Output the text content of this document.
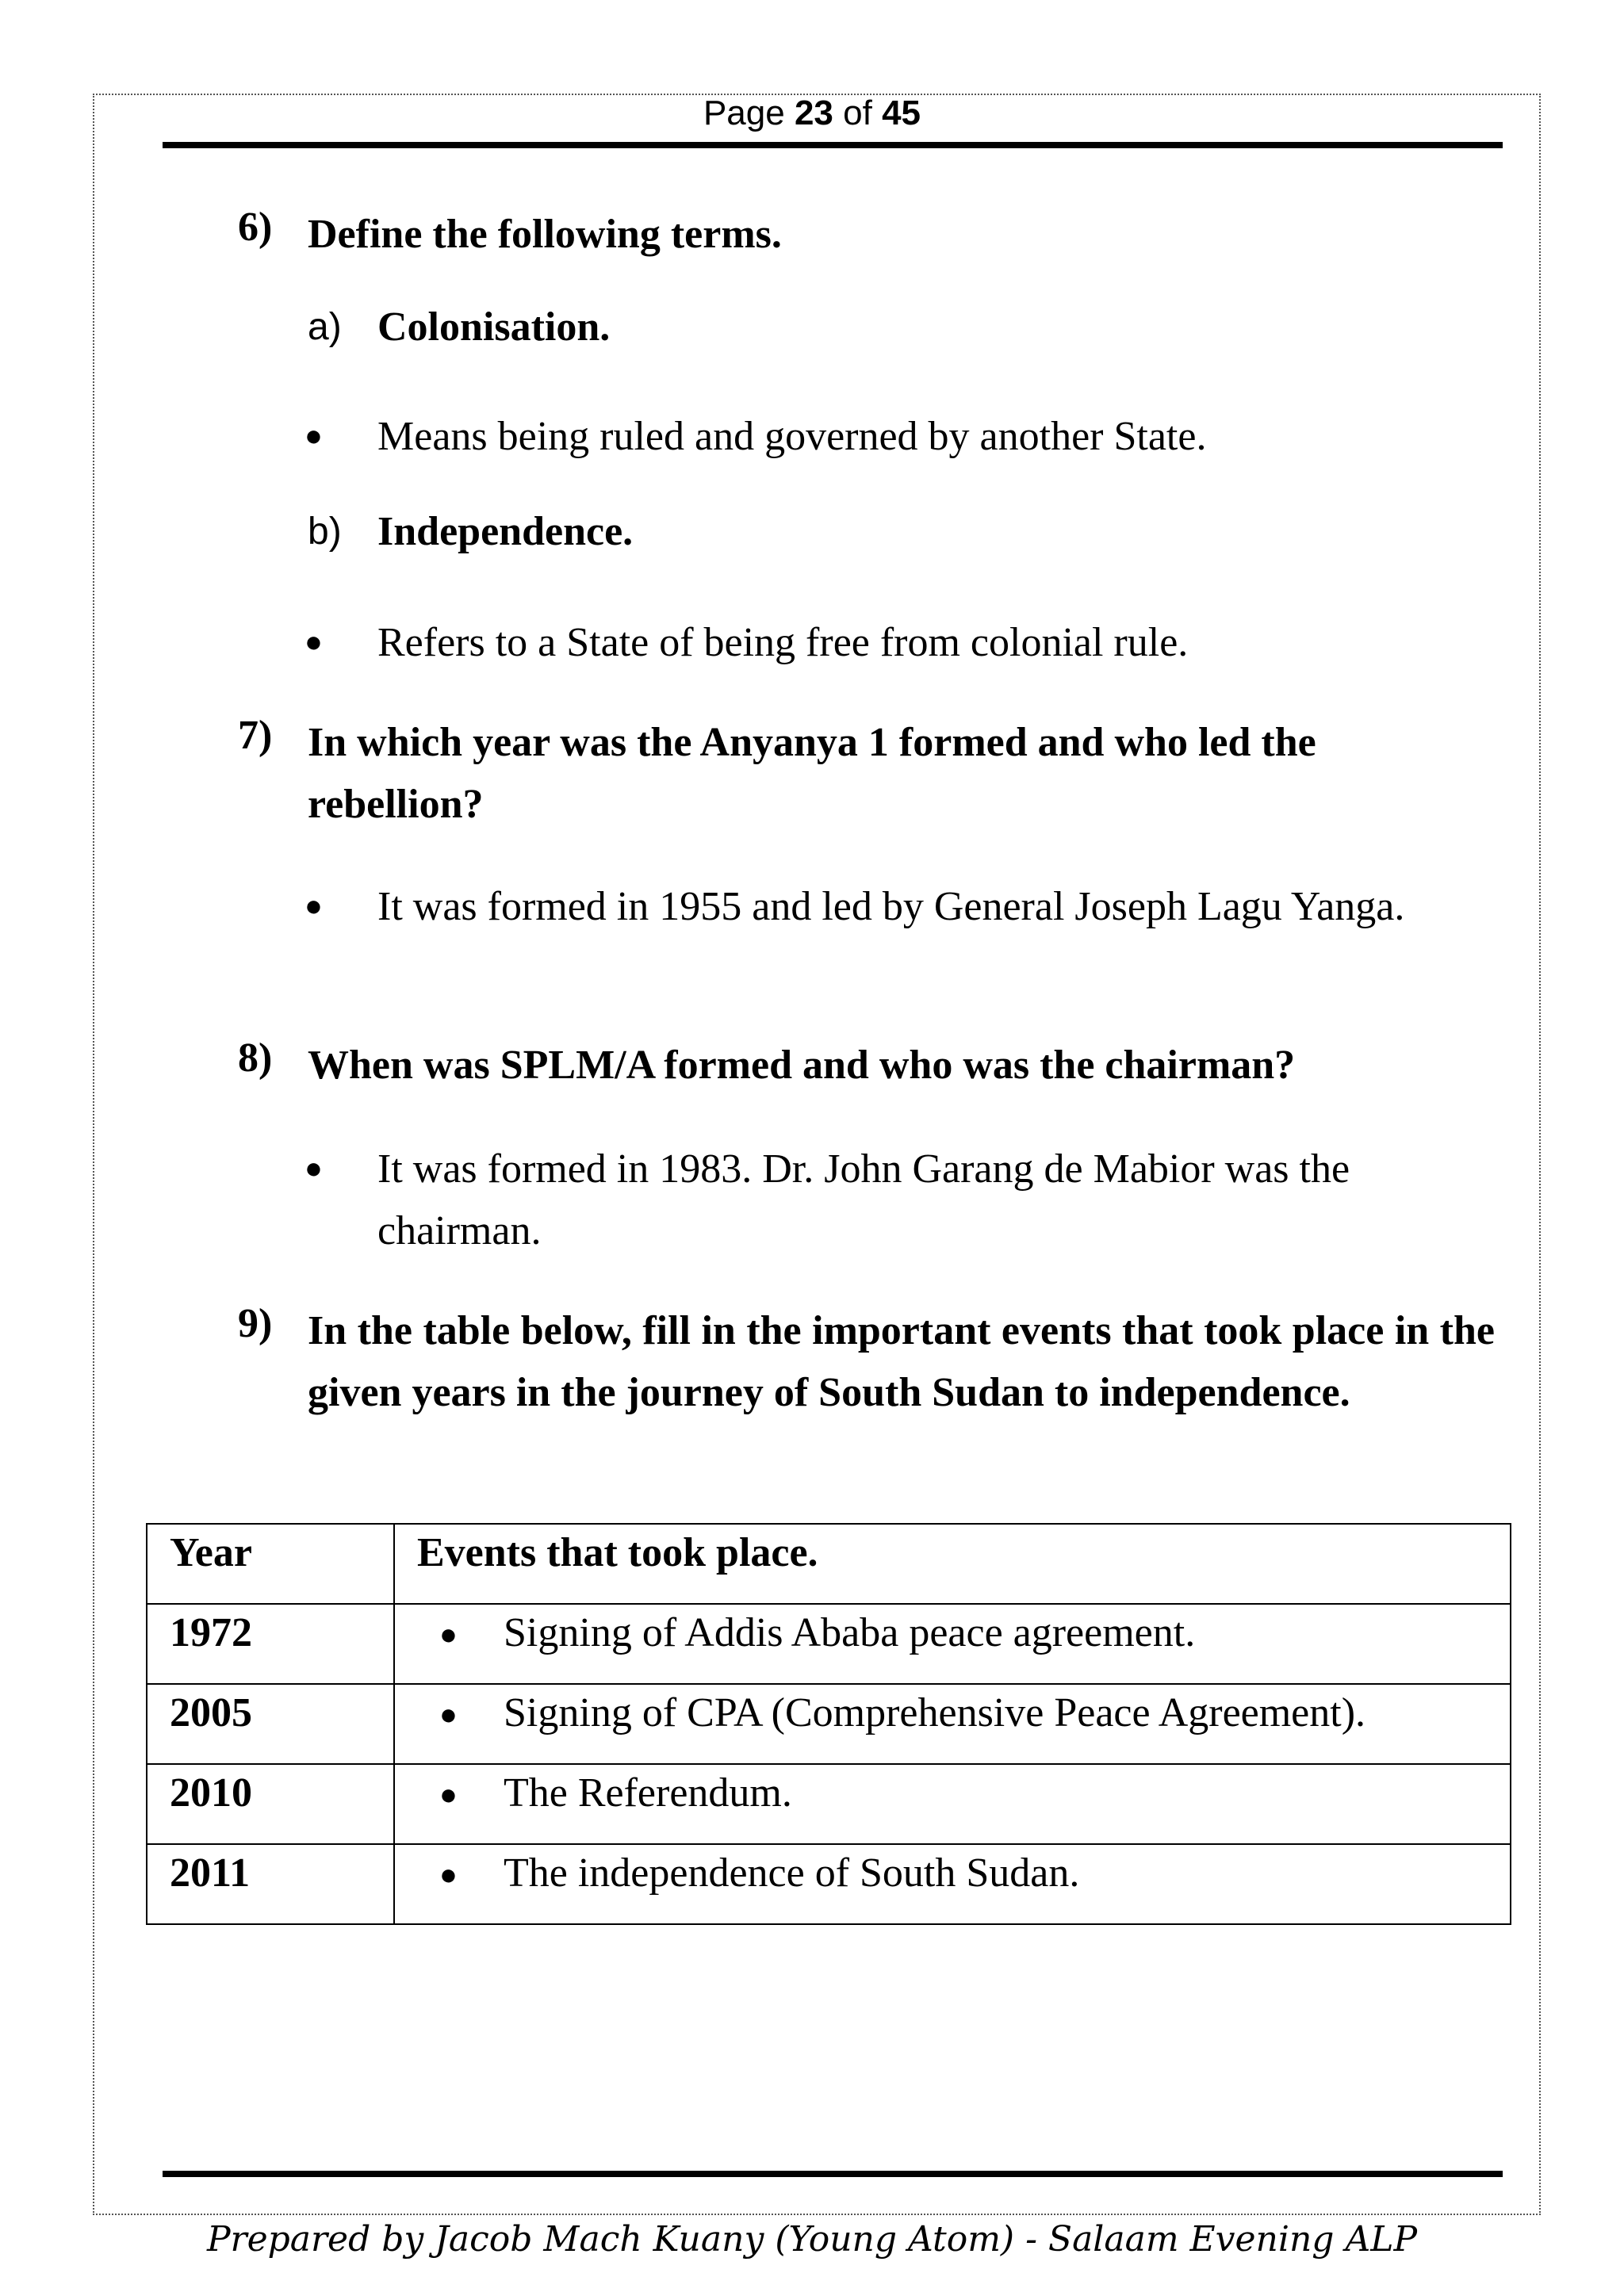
Page 23 of 45
6) Define the following terms.
a) Colonisation.
● Means being ruled and governed by another State.
b) Independence.
● Refers to a State of being free from colonial rule.
7) In which year was the Anyanya 1 formed and who led the rebellion?
● It was formed in 1955 and led by General Joseph Lagu Yanga.
8) When was SPLM/A formed and who was the chairman?
● It was formed in 1983. Dr. John Garang de Mabior was the chairman.
9) In the table below, fill in the important events that took place in the given years in the journey of South Sudan to independence.
Year	Events that took place.

1972	● Signing of Addis Ababa peace agreement.

2005	● Signing of CPA (Comprehensive Peace Agreement).

2010	● The Referendum.

2011	● The independence of South Sudan.
Prepared by Jacob Mach Kuany (Young Atom) - Salaam Evening ALP
